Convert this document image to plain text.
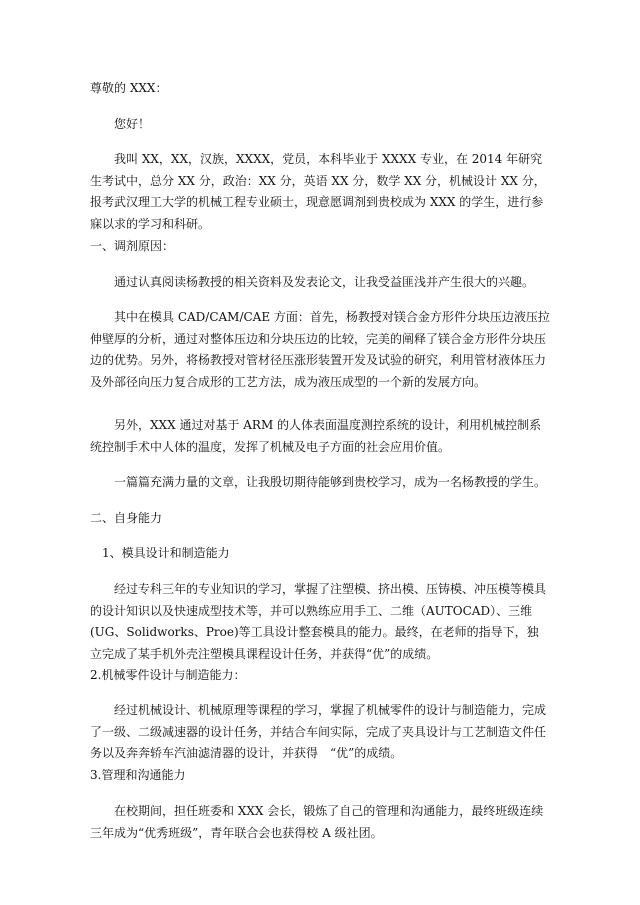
尊敬的 XXX：

您好！

我叫 XX，XX，汉族，XXXX，党员，本科毕业于 XXXX 专业，在 2014 年研究生考试中，总分 XX 分，政治：XX 分，英语 XX 分，数学 XX 分，机械设计 XX 分，报考武汉理工大学的机械工程专业硕士，现意愿调剂到贵校成为 XXX 的学生，进行参寐以求的学习和科研。

一、调剂原因：

通过认真阅读杨教授的相关资料及发表论文，让我受益匪浅并产生很大的兴趣。

其中在模具 CAD/CAM/CAE 方面：首先，杨教授对镁合金方形件分块压边液压拉伸壁厚的分析，通过对整体压边和分块压边的比较，完美的阐释了镁合金方形件分块压边的优势。另外，将杨教授对管材径压涨形装置开发及试验的研究，利用管材液体压力及外部径向压力复合成形的工艺方法，成为液压成型的一个新的发展方向。

另外，XXX 通过对基于 ARM 的人体表面温度测控系统的设计，利用机械控制系统控制手术中人体的温度，发挥了机械及电子方面的社会应用价值。

一篇篇充满力量的文章，让我殷切期待能够到贵校学习，成为一名杨教授的学生。

二、自身能力

1、模具设计和制造能力

经过专科三年的专业知识的学习，掌握了注塑模、挤出模、压铸模、冲压模等模具的设计知识以及快速成型技术等，并可以熟练应用手工、二维（AUTOCAD）、三维(UG、Solidworks、Proe)等工具设计整套模具的能力。最终，在老师的指导下，独立完成了某手机外壳注塑模具课程设计任务，并获得“优”的成绩。

2.机械零件设计与制造能力：

经过机械设计、机械原理等课程的学习，掌握了机械零件的设计与制造能力，完成了一级、二级减速器的设计任务，并结合车间实际，完成了夹具设计与工艺制造文件任务以及奔奔轿车汽油滤清器的设计，并获得　“优”的成绩。

3.管理和沟通能力

在校期间，担任班委和 XXX 会长，锻炼了自己的管理和沟通能力，最终班级连续三年成为“优秀班级”，青年联合会也获得校 A 级社团。
